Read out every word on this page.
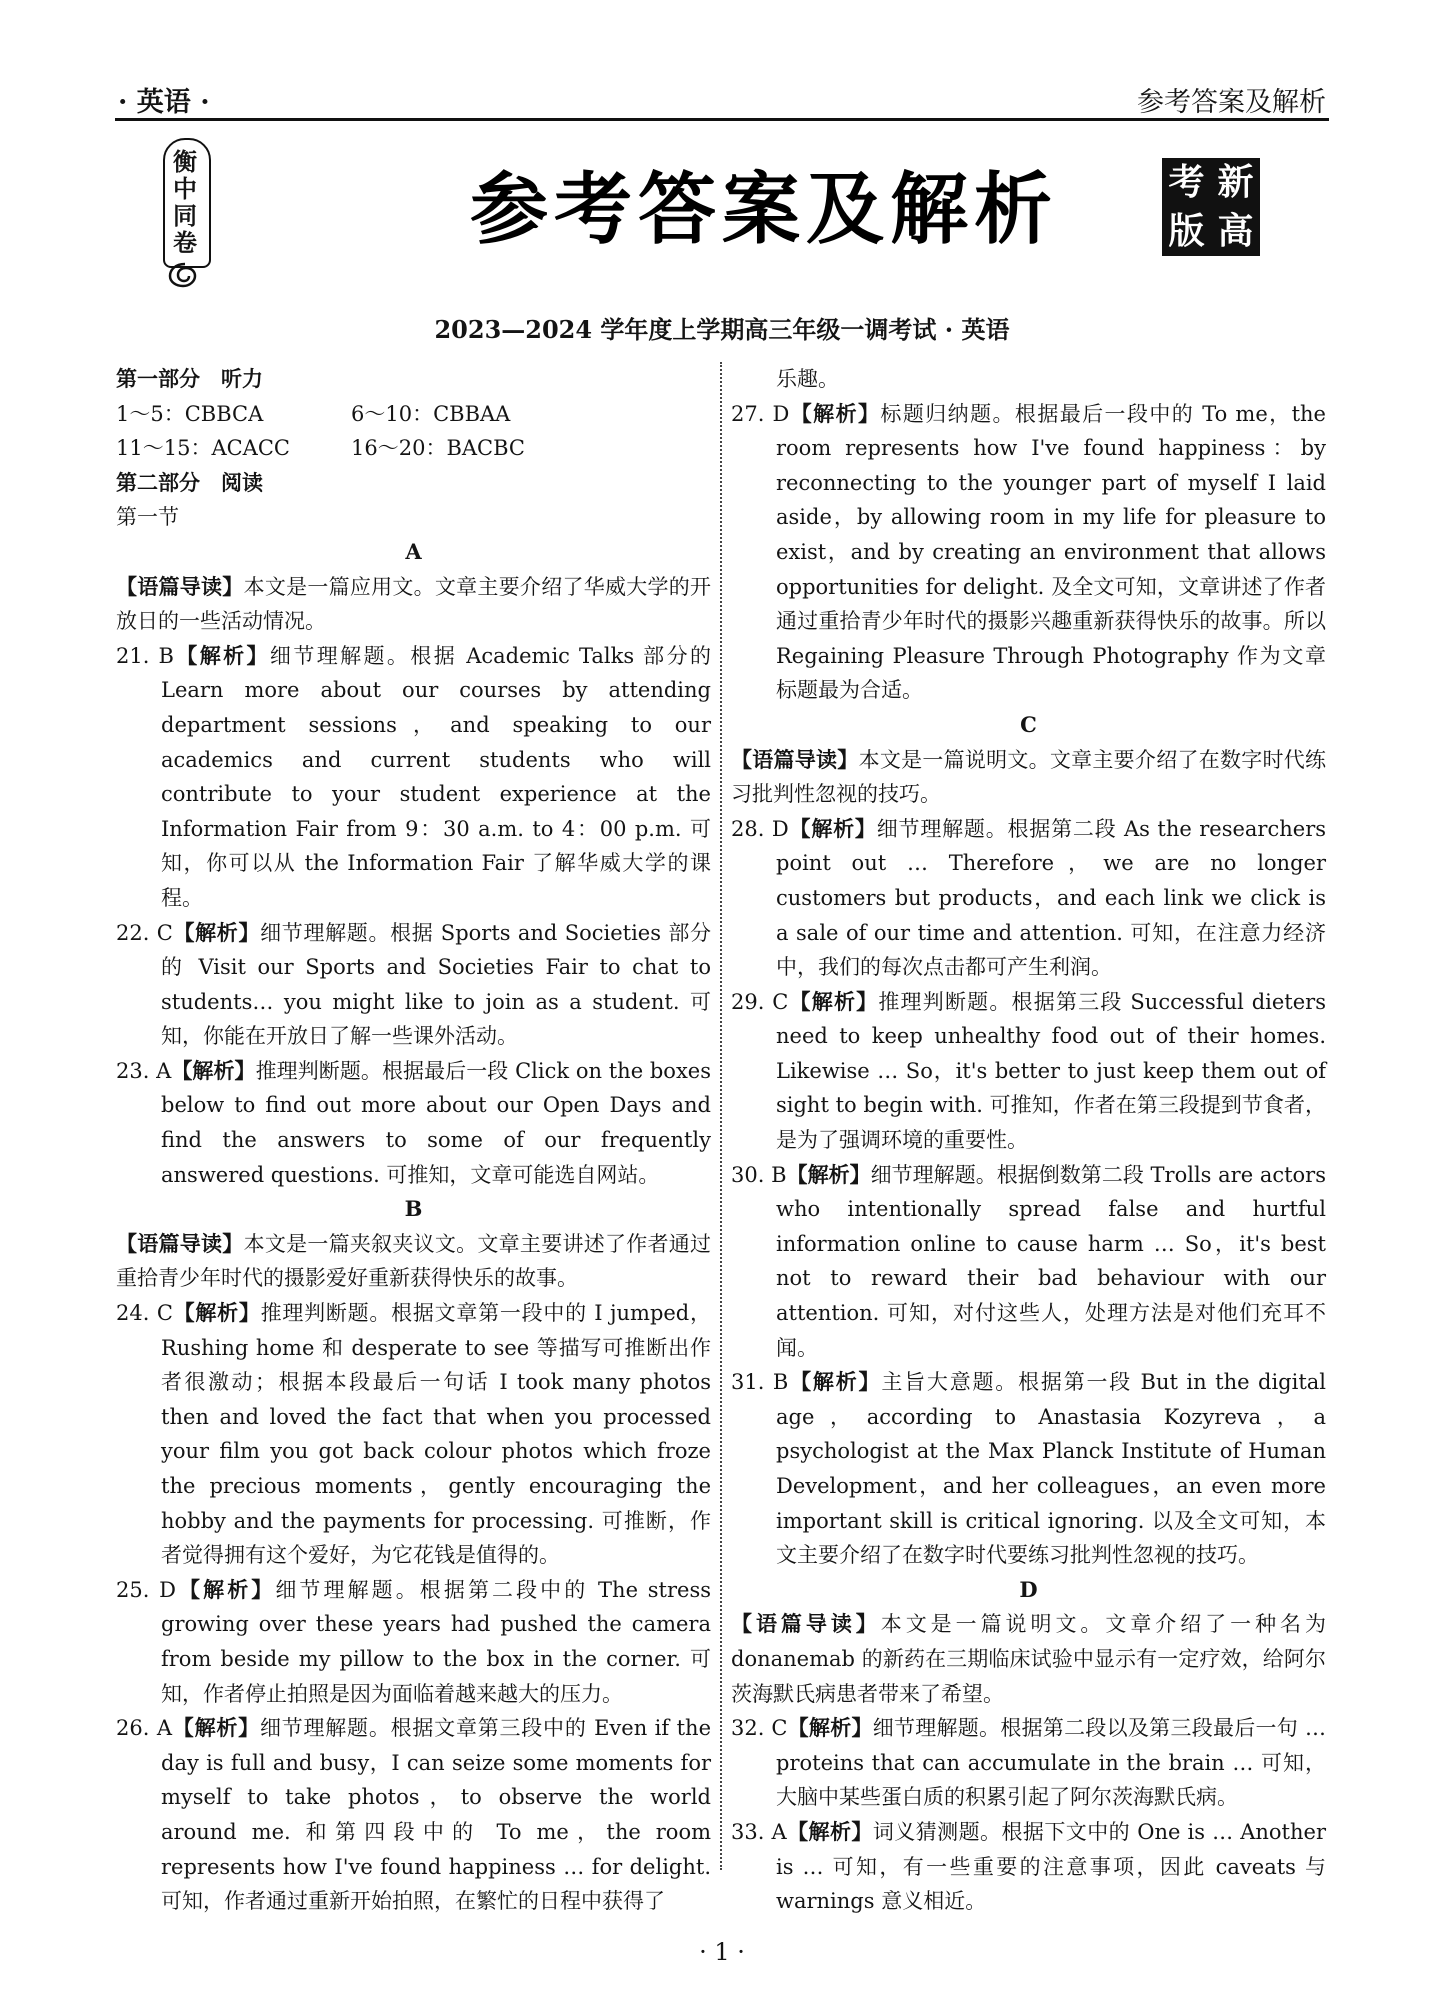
· 英语 ·	参考答案及解析
衡
中
同
卷	参考答案及解析	考 新
版 高
2023—2024 学年度上学期高三年级一调考试 · 英语

第一部分　听力

1～5：CBBCA	6～10：CBBAA

11～15：ACACC	16～20：BACBC

第二部分　阅读

第一节

A

【语篇导读】本文是一篇应用文。文章主要介绍了华威大学的开放日的一些活动情况。

21. B【解析】细节理解题。根据 Academic Talks 部分的 Learn more about our courses by attending department sessions，and speaking to our academics and current students who will contribute to your student experience at the Information Fair from 9：30 a.m. to 4：00 p.m. 可知，你可以从 the Information Fair 了解华威大学的课程。

22. C【解析】细节理解题。根据 Sports and Societies 部分的 Visit our Sports and Societies Fair to chat to students… you might like to join as a student. 可知，你能在开放日了解一些课外活动。

23. A【解析】推理判断题。根据最后一段 Click on the boxes below to find out more about our Open Days and find the answers to some of our frequently answered questions. 可推知，文章可能选自网站。

B

【语篇导读】本文是一篇夹叙夹议文。文章主要讲述了作者通过重拾青少年时代的摄影爱好重新获得快乐的故事。

24. C【解析】推理判断题。根据文章第一段中的 I jumped，Rushing home 和 desperate to see 等描写可推断出作者很激动；根据本段最后一句话 I took many photos then and loved the fact that when you processed your film you got back colour photos which froze the precious moments，gently encouraging the hobby and the payments for processing. 可推断，作者觉得拥有这个爱好，为它花钱是值得的。

25. D【解析】细节理解题。根据第二段中的 The stress growing over these years had pushed the camera from beside my pillow to the box in the corner. 可知，作者停止拍照是因为面临着越来越大的压力。

26. A【解析】细节理解题。根据文章第三段中的 Even if the day is full and busy，I can seize some moments for myself to take photos，to observe the world around me. 和第四段中的 To me，the room represents how I've found happiness … for delight. 可知，作者通过重新开始拍照，在繁忙的日程中获得了

乐趣。

27. D【解析】标题归纳题。根据最后一段中的 To me，the room represents how I've found happiness：by reconnecting to the younger part of myself I laid aside，by allowing room in my life for pleasure to exist，and by creating an environment that allows opportunities for delight. 及全文可知，文章讲述了作者通过重拾青少年时代的摄影兴趣重新获得快乐的故事。所以 Regaining Pleasure Through Photography 作为文章标题最为合适。

C

【语篇导读】本文是一篇说明文。文章主要介绍了在数字时代练习批判性忽视的技巧。

28. D【解析】细节理解题。根据第二段 As the researchers point out … Therefore，we are no longer customers but products，and each link we click is a sale of our time and attention. 可知，在注意力经济中，我们的每次点击都可产生利润。

29. C【解析】推理判断题。根据第三段 Successful dieters need to keep unhealthy food out of their homes. Likewise … So，it's better to just keep them out of sight to begin with. 可推知，作者在第三段提到节食者，是为了强调环境的重要性。

30. B【解析】细节理解题。根据倒数第二段 Trolls are actors who intentionally spread false and hurtful information online to cause harm … So，it's best not to reward their bad behaviour with our attention. 可知，对付这些人，处理方法是对他们充耳不闻。

31. B【解析】主旨大意题。根据第一段 But in the digital age，according to Anastasia Kozyreva，a psychologist at the Max Planck Institute of Human Development，and her colleagues，an even more important skill is critical ignoring. 以及全文可知，本文主要介绍了在数字时代要练习批判性忽视的技巧。

D

【语篇导读】本文是一篇说明文。文章介绍了一种名为 donanemab 的新药在三期临床试验中显示有一定疗效，给阿尔茨海默氏病患者带来了希望。

32. C【解析】细节理解题。根据第二段以及第三段最后一句 … proteins that can accumulate in the brain … 可知，大脑中某些蛋白质的积累引起了阿尔茨海默氏病。

33. A【解析】词义猜测题。根据下文中的 One is … Another is … 可知，有一些重要的注意事项，因此 caveats 与 warnings 意义相近。

· 1 ·
